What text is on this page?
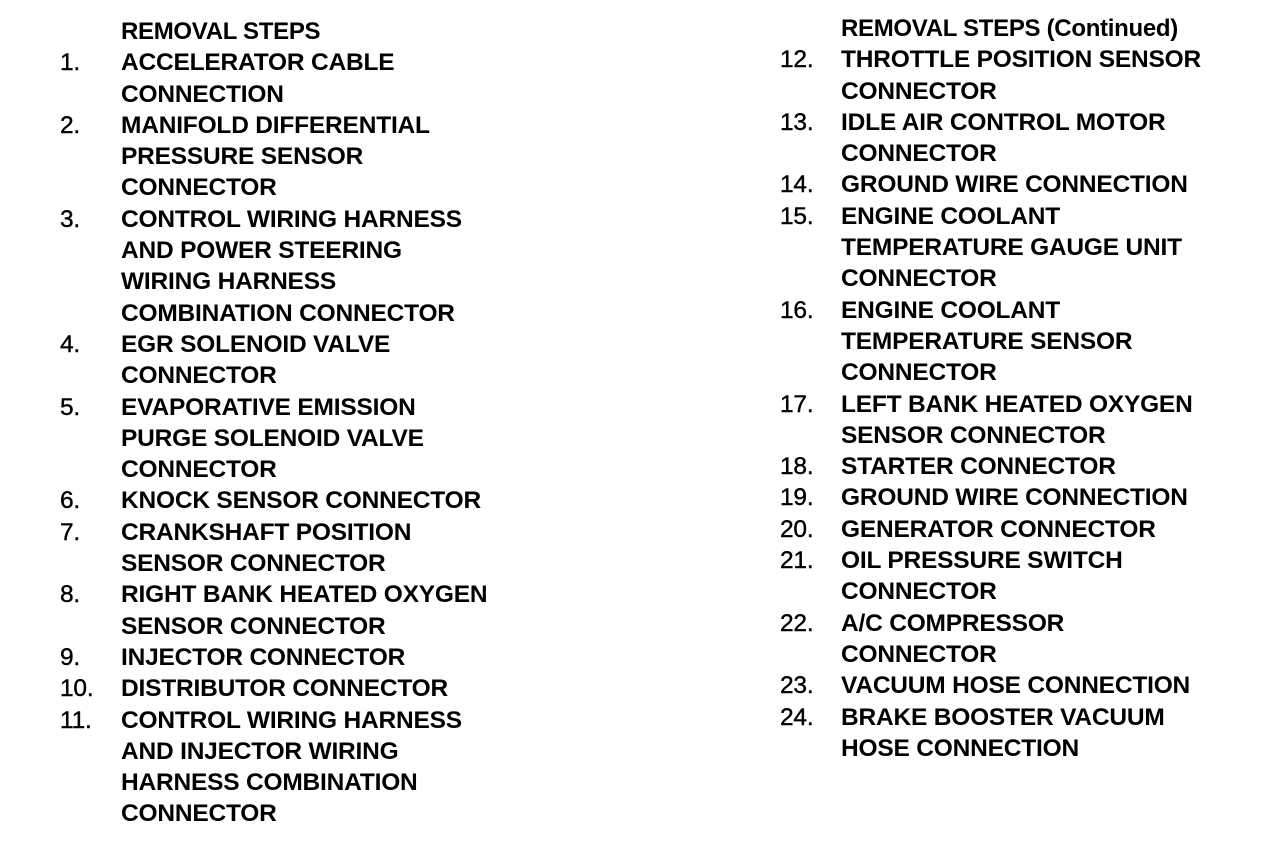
REMOVAL STEPS
1.	ACCELERATOR CABLE
CONNECTION
2.	MANIFOLD DIFFERENTIAL
PRESSURE SENSOR
CONNECTOR
3.	CONTROL WIRING HARNESS
AND POWER STEERING
WIRING HARNESS
COMBINATION CONNECTOR
4.	EGR SOLENOID VALVE
CONNECTOR
5.	EVAPORATIVE EMISSION
PURGE SOLENOID VALVE
CONNECTOR
6.	KNOCK SENSOR CONNECTOR
7.	CRANKSHAFT POSITION
SENSOR CONNECTOR
8.	RIGHT BANK HEATED OXYGEN
SENSOR CONNECTOR
9.	INJECTOR CONNECTOR
10.	DISTRIBUTOR CONNECTOR
11.	CONTROL WIRING HARNESS
AND INJECTOR WIRING
HARNESS COMBINATION
CONNECTOR
REMOVAL STEPS (Continued)
12.	THROTTLE POSITION SENSOR
CONNECTOR
13.	IDLE AIR CONTROL MOTOR
CONNECTOR
14.	GROUND WIRE CONNECTION
15.	ENGINE COOLANT
TEMPERATURE GAUGE UNIT
CONNECTOR
16.	ENGINE COOLANT
TEMPERATURE SENSOR
CONNECTOR
17.	LEFT BANK HEATED OXYGEN
SENSOR CONNECTOR
18.	STARTER CONNECTOR
19.	GROUND WIRE CONNECTION
20.	GENERATOR CONNECTOR
21.	OIL PRESSURE SWITCH
CONNECTOR
22.	A/C COMPRESSOR
CONNECTOR
23.	VACUUM HOSE CONNECTION
24.	BRAKE BOOSTER VACUUM
HOSE CONNECTION
